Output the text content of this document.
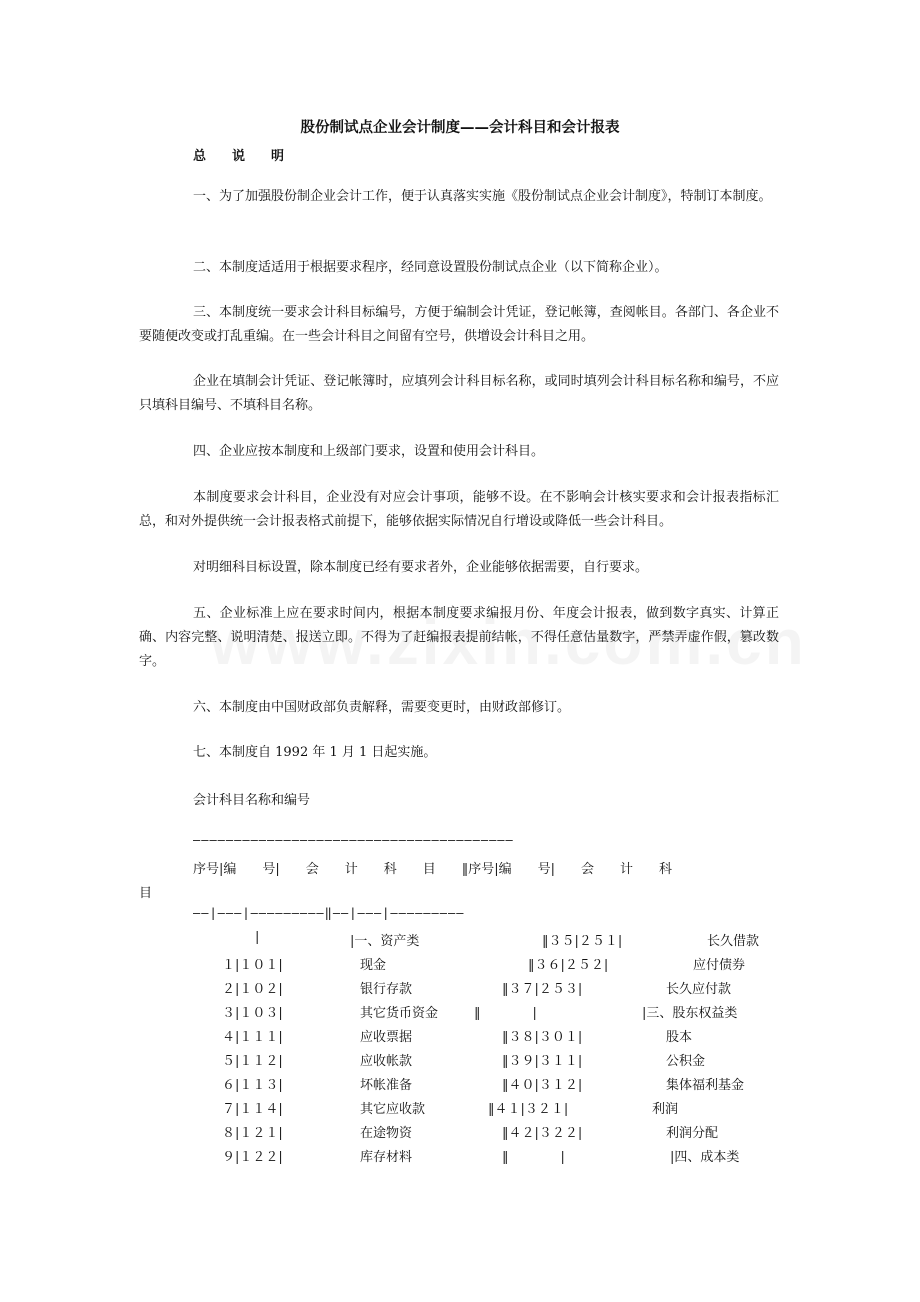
股份制试点企业会计制度——会计科目和会计报表
总　　说　　明
一、为了加强股份制企业会计工作，便于认真落实实施《股份制试点企业会计制度》，特制订本制度。
二、本制度适适用于根据要求程序，经同意设置股份制试点企业（以下简称企业）。
三、本制度统一要求会计科目标编号，方便于编制会计凭证，登记帐簿，查阅帐目。各部门、各企业不要随便改变或打乱重编。在一些会计科目之间留有空号，供增设会计科目之用。
企业在填制会计凭证、登记帐簿时，应填列会计科目标名称，或同时填列会计科目标名称和编号，不应只填科目编号、不填科目名称。
四、企业应按本制度和上级部门要求，设置和使用会计科目。
本制度要求会计科目，企业没有对应会计事项，能够不设。在不影响会计核实要求和会计报表指标汇总，和对外提供统一会计报表格式前提下，能够依据实际情况自行增设或降低一些会计科目。
对明细科目标设置，除本制度已经有要求者外，企业能够依据需要，自行要求。
五、企业标准上应在要求时间内，根据本制度要求编报月份、年度会计报表，做到数字真实、计算正确、内容完整、说明清楚、报送立即。不得为了赶编报表提前结帐，不得任意估量数字，严禁弄虚作假，篡改数字。
六、本制度由中国财政部负责解释，需要变更时，由财政部修订。
七、本制度自 1992 年 1 月 1 日起实施。
会计科目名称和编号
———————————————————————————————————————
序号|编　　号|　　会　　计　　科　　目　　‖序号|编　　号|　　会　　计　　科
目
——|———|—————————‖——|———|—————————
|	|一、资产类	‖３５|２５１|	长久借款
１|１０１|	现金	‖３６|２５２|	应付债券
２|１０２|	银行存款	‖３７|２５３|	长久应付款
３|１０３|	其它货币资金	‖　　　　|	|三、股东权益类
４|１１１|	应收票据	‖３８|３０１|	股本
５|１１２|	应收帐款	‖３９|３１１|	公积金
６|１１３|	坏帐准备	‖４０|３１２|	集体福利基金
７|１１４|	其它应收款	‖４１|３２１|	利润
８|１２１|	在途物资	‖４２|３２２|	利润分配
９|１２２|	库存材料	‖　　　　|	|四、成本类
